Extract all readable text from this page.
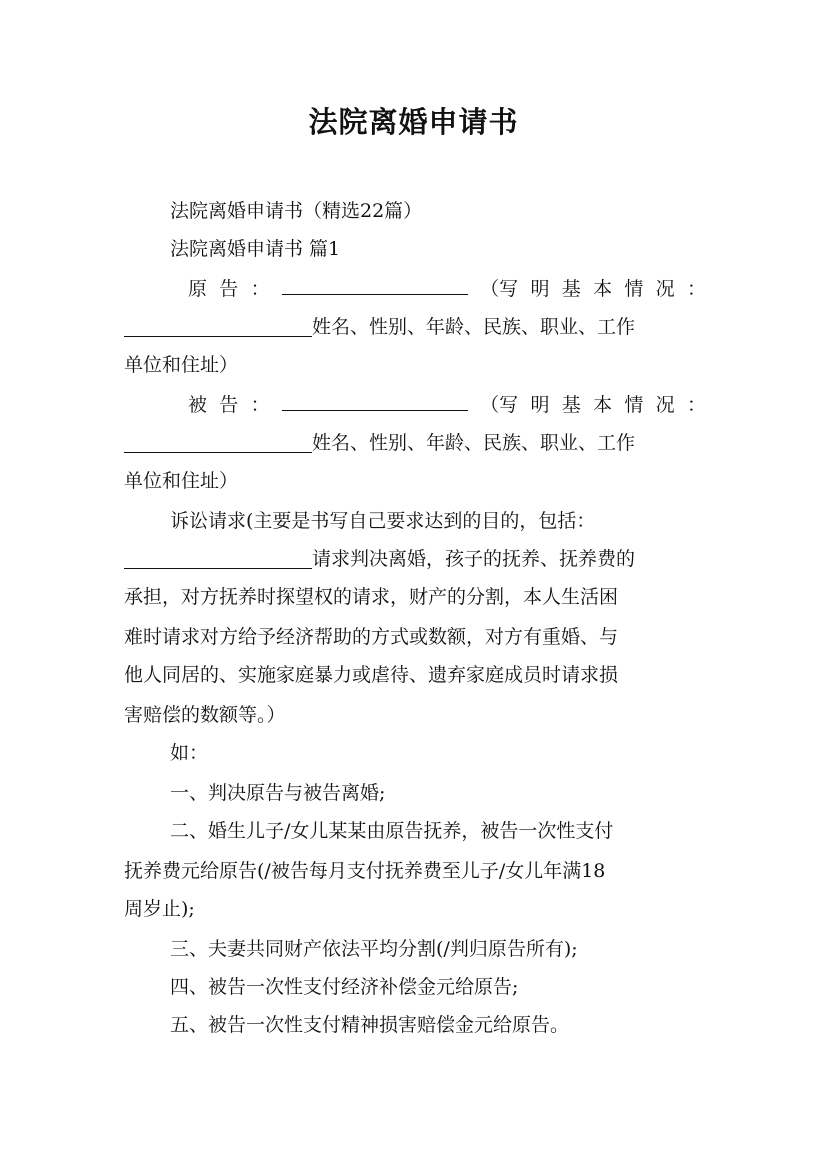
法院离婚申请书
法院离婚申请书（精选22篇）
法院离婚申请书 篇1
原 告 ：	（写 明 基 本 情 况 ：
姓名、性别、年龄、民族、职业、工作
单位和住址）
被 告 ：	（写 明 基 本 情 况 ：
姓名、性别、年龄、民族、职业、工作
单位和住址）
诉讼请求(主要是书写自己要求达到的目的，包括：
请求判决离婚，孩子的抚养、抚养费的
承担，对方抚养时探望权的请求，财产的分割，本人生活困
难时请求对方给予经济帮助的方式或数额，对方有重婚、与
他人同居的、实施家庭暴力或虐待、遗弃家庭成员时请求损
害赔偿的数额等。）
如：
一、判决原告与被告离婚;
二、婚生儿子/女儿某某由原告抚养，被告一次性支付
抚养费元给原告(/被告每月支付抚养费至儿子/女儿年满18
周岁止);
三、夫妻共同财产依法平均分割(/判归原告所有);
四、被告一次性支付经济补偿金元给原告;
五、被告一次性支付精神损害赔偿金元给原告。
